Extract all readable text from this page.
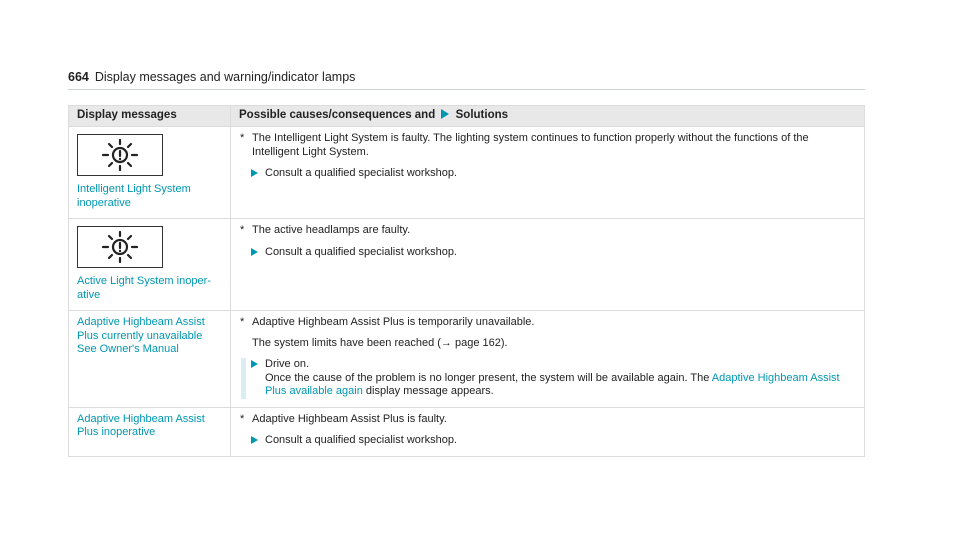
664 Display messages and warning/indicator lamps
Display messages	Possible causes/consequences and Solutions

Intelligent Light System inoperative	* The Intelligent Light System is faulty. The lighting system continues to function properly without the functions of the Intelligent Light System.
Consult a qualified specialist workshop.

Active Light System inoper-ative	* The active headlamps are faulty.
Consult a qualified specialist workshop.

Adaptive Highbeam Assist Plus currently unavailable See Owner's Manual	* Adaptive Highbeam Assist Plus is temporarily unavailable.
The system limits have been reached (→ page 162).
Drive on.
Once the cause of the problem is no longer present, the system will be available again. The Adaptive Highbeam Assist Plus available again display message appears.

Adaptive Highbeam Assist Plus inoperative	* Adaptive Highbeam Assist Plus is faulty.
Consult a qualified specialist workshop.
